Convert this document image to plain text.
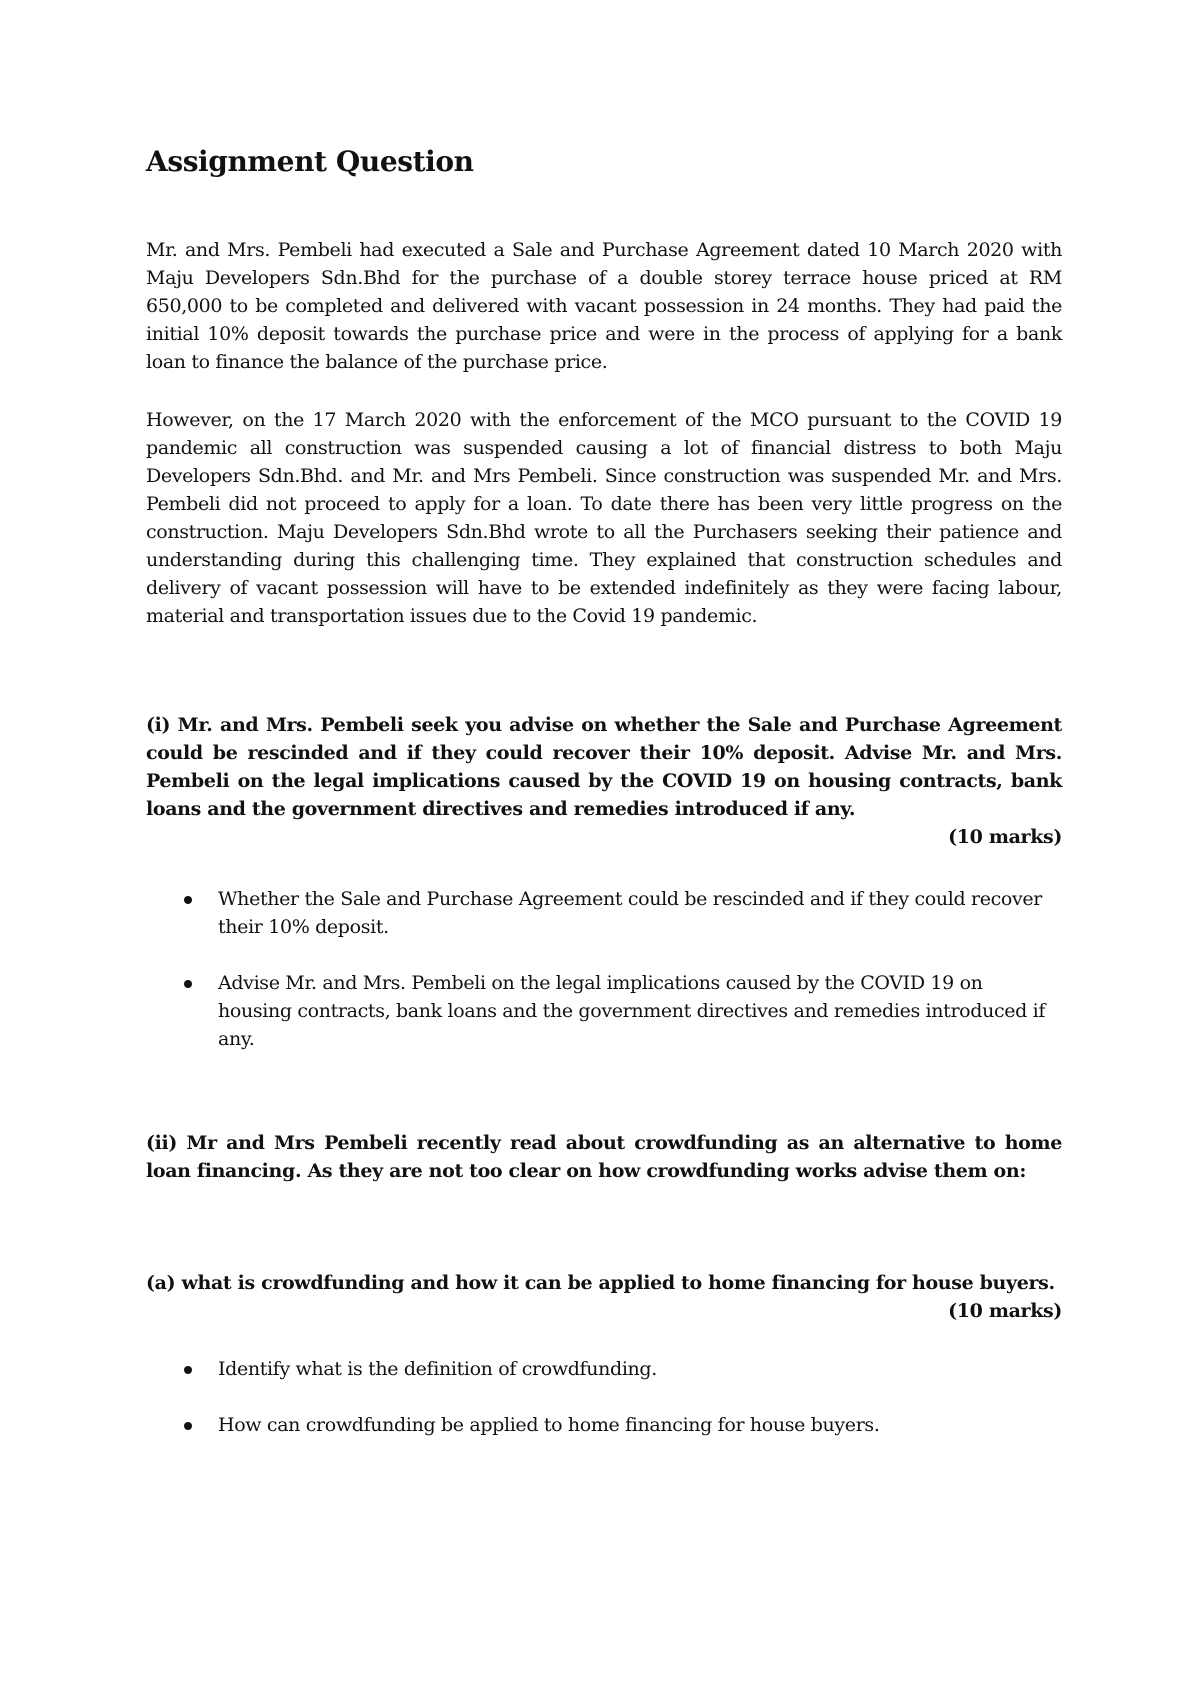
Assignment Question

Mr. and Mrs. Pembeli had executed a Sale and Purchase Agreement dated 10 March 2020 with Maju Developers Sdn.Bhd for the purchase of a double storey terrace house priced at RM 650,000 to be completed and delivered with vacant possession in 24 months. They had paid the initial 10% deposit towards the purchase price and were in the process of applying for a bank loan to finance the balance of the purchase price.

However, on the 17 March 2020 with the enforcement of the MCO pursuant to the COVID 19 pandemic all construction was suspended causing a lot of financial distress to both Maju Developers Sdn.Bhd. and Mr. and Mrs Pembeli. Since construction was suspended Mr. and Mrs. Pembeli did not proceed to apply for a loan. To date there has been very little progress on the construction. Maju Developers Sdn.Bhd wrote to all the Purchasers seeking their patience and understanding during this challenging time. They explained that construction schedules and delivery of vacant possession will have to be extended indefinitely as they were facing labour, material and transportation issues due to the Covid 19 pandemic.

(i) Mr. and Mrs. Pembeli seek you advise on whether the Sale and Purchase Agreement could be rescinded and if they could recover their 10% deposit. Advise Mr. and Mrs. Pembeli on the legal implications caused by the COVID 19 on housing contracts, bank loans and the government directives and remedies introduced if any.
(10 marks)
Whether the Sale and Purchase Agreement could be rescinded and if they could recover their 10% deposit.
Advise Mr. and Mrs. Pembeli on the legal implications caused by the COVID 19 on housing contracts, bank loans and the government directives and remedies introduced if any.
(ii) Mr and Mrs Pembeli recently read about crowdfunding as an alternative to home loan financing. As they are not too clear on how crowdfunding works advise them on:
(a) what is crowdfunding and how it can be applied to home financing for house buyers.
(10 marks)
Identify what is the definition of crowdfunding.
How can crowdfunding be applied to home financing for house buyers.
